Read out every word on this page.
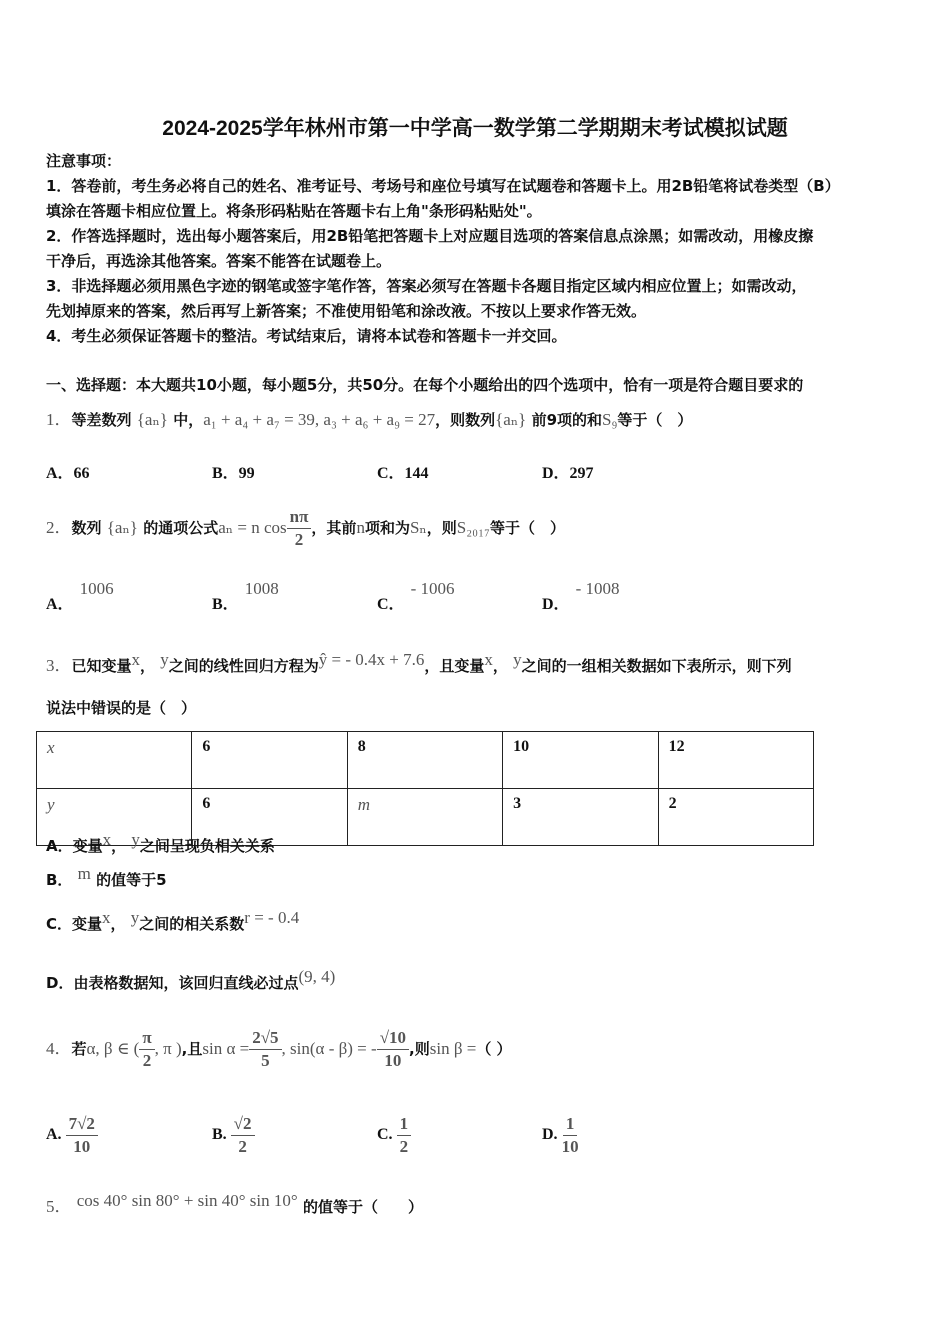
2024-2025学年林州市第一中学高一数学第二学期期末考试模拟试题
注意事项：
1．答卷前，考生务必将自己的姓名、准考证号、考场号和座位号填写在试题卷和答题卡上。用2B铅笔将试卷类型（B）
填涂在答题卡相应位置上。将条形码粘贴在答题卡右上角"条形码粘贴处"。
2．作答选择题时，选出每小题答案后，用2B铅笔把答题卡上对应题目选项的答案信息点涂黑；如需改动，用橡皮擦
干净后，再选涂其他答案。答案不能答在试题卷上。
3．非选择题必须用黑色字迹的钢笔或签字笔作答，答案必须写在答题卡各题目指定区域内相应位置上；如需改动，
先划掉原来的答案，然后再写上新答案；不准使用铅笔和涂改液。不按以上要求作答无效。
4．考生必须保证答题卡的整洁。考试结束后，请将本试卷和答题卡一并交回。
一、选择题：本大题共10小题，每小题5分，共50分。在每个小题给出的四个选项中，恰有一项是符合题目要求的
1．等差数列 {aₙ} 中，a₁ + a₄ + a₇ = 39, a₃ + a₆ + a₉ = 27，则数列{aₙ} 前9项的和S₉等于（　）
A．66	B．99	C．144	D．297
2．数列 {aₙ} 的通项公式aₙ = n $\cos \frac{n\pi}{2}$ ，其前n项和为Sₙ，则S₂₀₁₇等于（　）
A．
1006
B．
1008
C．
- 1006
D．
- 1008
3．已知变量$^x$， $^y$之间的线性回归方程为$^{ŷ = - 0.4x + 7.6}$，且变量$^x$， $^y$之间的一组相关数据如下表所示，则下列
说法中错误的是（　）
x	6	8	10	12
y	6	m	3	2
A．变量$^x$， $^y$之间呈现负相关关系
B． $^m$ 的值等于5
C．变量$^x$， $^y$之间的相关系数$^{r = - 0.4}$
D．由表格数据知，该回归直线必过点$^{(9, 4)}$
4．若α, β ∈ ( $\frac{\pi}{2}$ , π ),且$\sin \alpha = \frac{2√5}{5}$ , sin(α - β) = - $\frac{√10}{10}$ ,则sin β =（ ）
A. $\frac{7√2}{10}$	B. $\frac{√2}{2}$	C. $\frac{1}{2}$	D. $\frac{1}{10}$
5． $^{cos 40^\circ sin 80^\circ + sin 40^\circ sin 10^\circ}$ 的值等于（　　）
